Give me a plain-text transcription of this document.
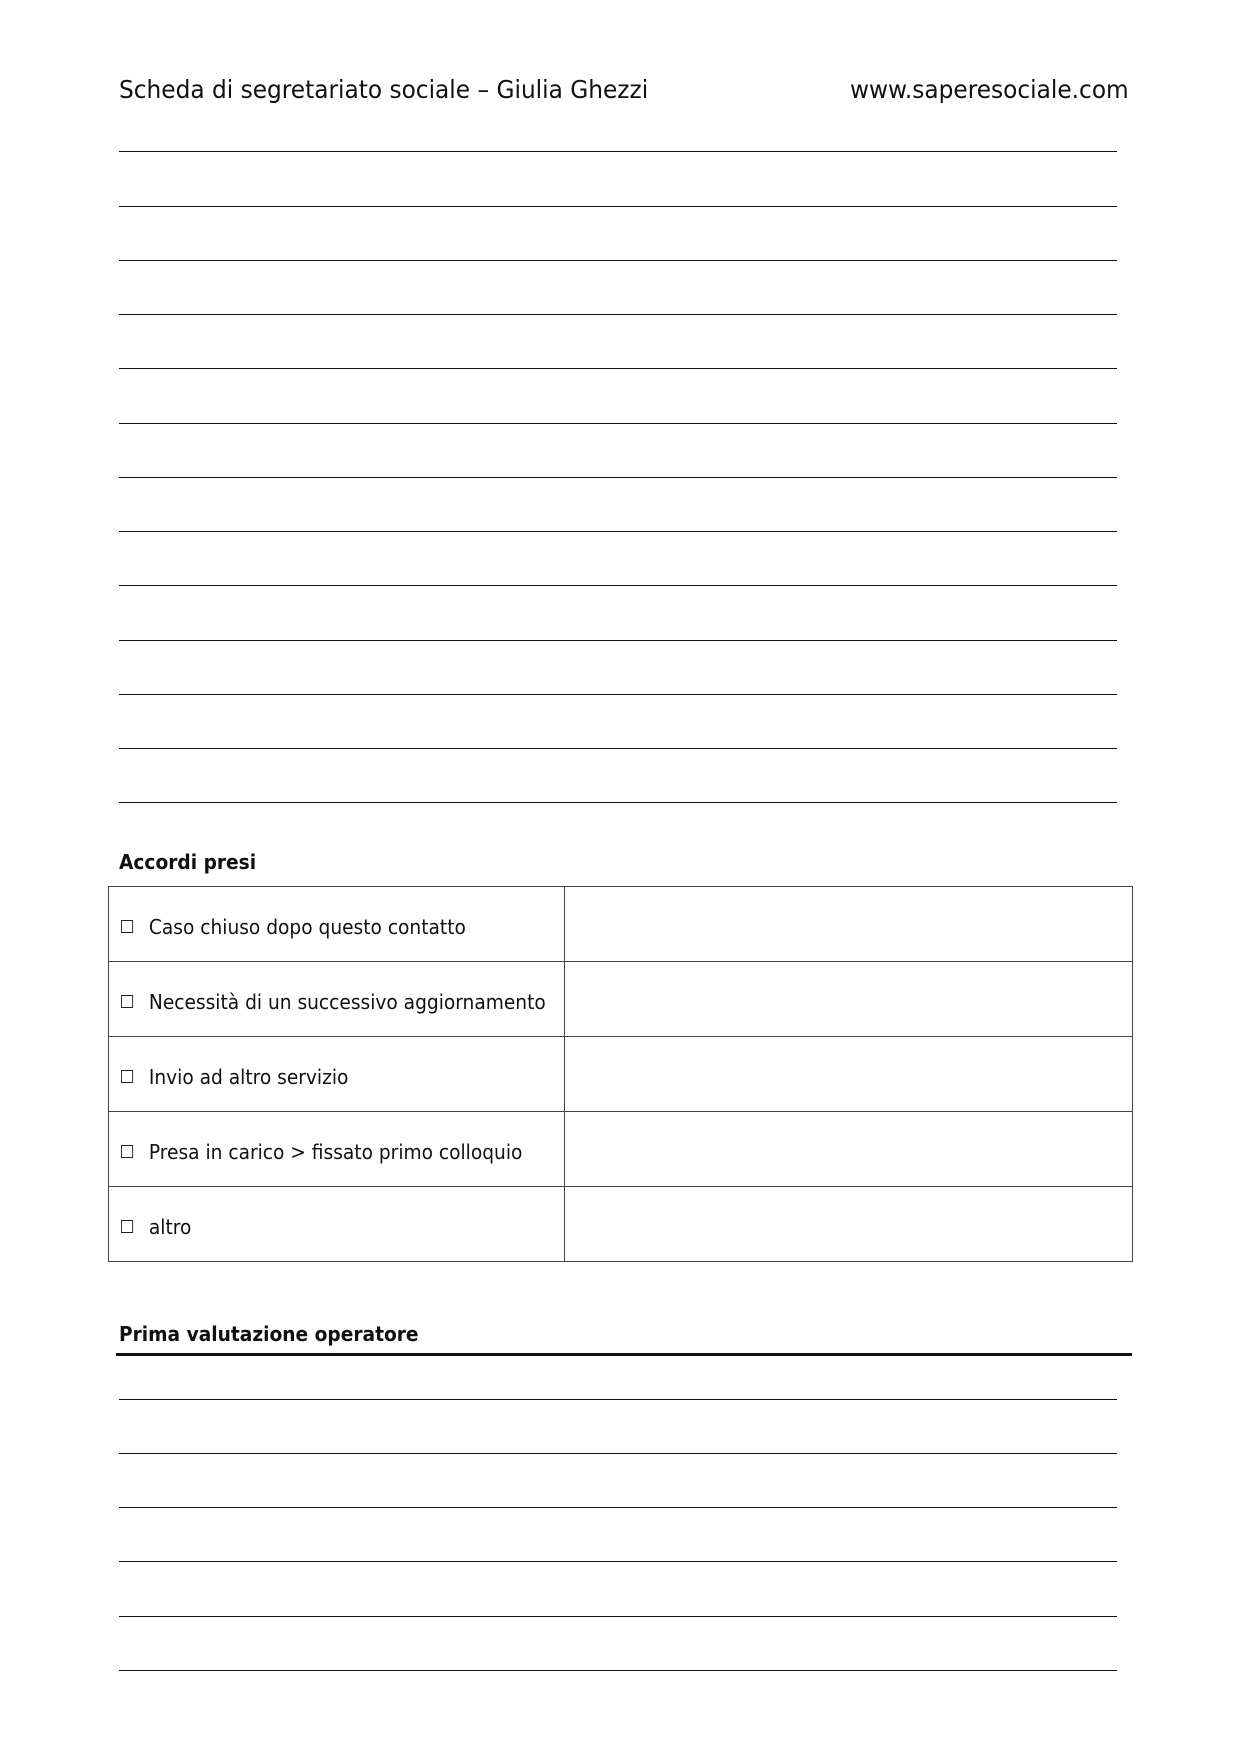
Scheda di segretariato sociale – Giulia Ghezzi	www.saperesociale.com
Accordi presi
Caso chiuso dopo questo contatto	
Necessità di un successivo aggiornamento	
Invio ad altro servizio	
Presa in carico > fissato primo colloquio	
altro	
Prima valutazione operatore
